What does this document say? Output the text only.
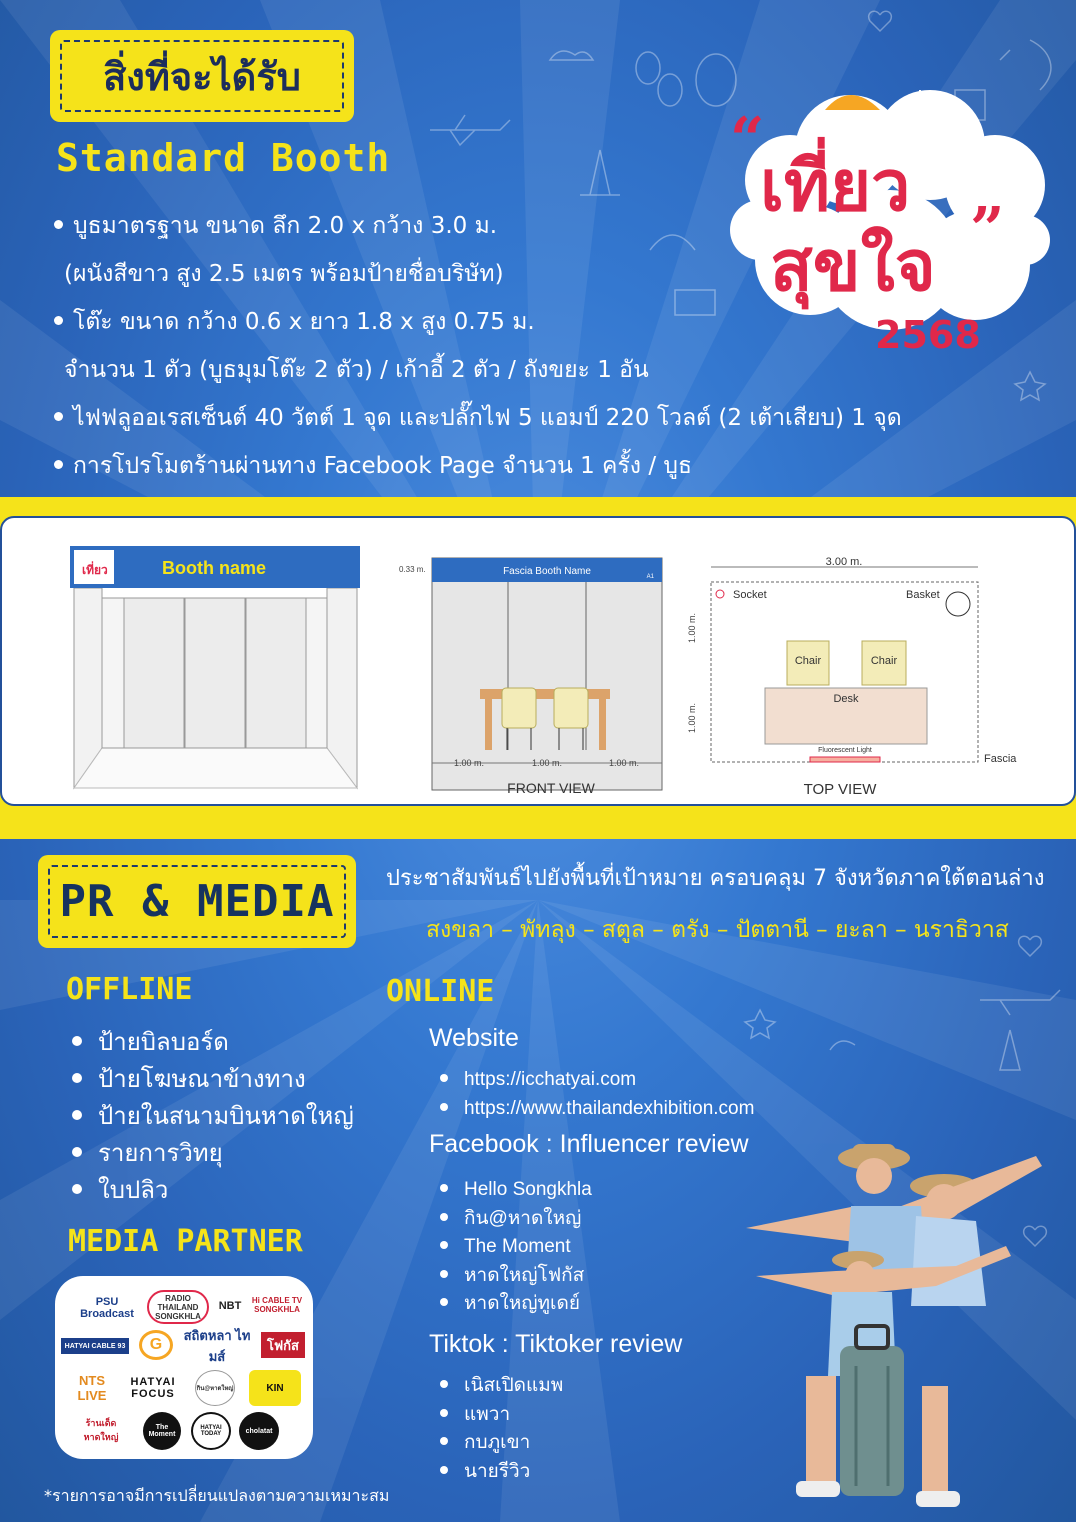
สิ่งที่จะได้รับ
Standard Booth
บูธมาตรฐาน ขนาด ลึก 2.0 x กว้าง 3.0 ม.
(ผนังสีขาว สูง 2.5 เมตร พร้อมป้ายชื่อบริษัท)
โต๊ะ ขนาด กว้าง 0.6 x ยาว 1.8 x สูง 0.75 ม.
จำนวน 1 ตัว (บูธมุมโต๊ะ 2 ตัว) / เก้าอี้ 2 ตัว / ถังขยะ 1 อัน
ไฟฟลูออเรสเซ็นต์ 40 วัตต์ 1 จุด และปลั๊กไฟ 5 แอมป์ 220 โวลต์ (2 เต้าเสียบ) 1 จุด
การโปรโมตร้านผ่านทาง Facebook Page จำนวน 1 ครั้ง / บูธ
เที่ยว
สุขใจ
2568
“
”
เที่ยว	Booth name	0.33 m.	Fascia Booth Name	A1
1.00 m.	1.00 m.	1.00 m.
FRONT VIEW
3.00 m.
Socket	Basket
1.00 m.
1.00 m.
Chair	Chair
Desk
Fluorescent Light
Fascia
TOP VIEW
PR & MEDIA ประชาสัมพันธ์ไปยังพื้นที่เป้าหมาย ครอบคลุม 7 จังหวัดภาคใต้ตอนล่าง
สงขลา – พัทลุง – สตูล – ตรัง – ปัตตานี – ยะลา – นราธิวาส
OFFLINE
ป้ายบิลบอร์ด
ป้ายโฆษณาข้างทาง
ป้ายในสนามบินหาดใหญ่
รายการวิทยุ
ใบปลิว
MEDIA PARTNER
PSU Broadcast
RADIO THAILAND SONGKHLA
NBT	Hi CABLE TV SONGKHLA
HATYAI CABLE 93	G
สถิตหลา ไทมส์
โฟกัส
NTS LIVE
HATYAI FOCUS	กิน@หาดใหญ่	KIN
ร้านเด็ดหาดใหญ่
The Moment
HATYAI TODAY	cholatat
ONLINE
Website
https://icchatyai.com
https://www.thailandexhibition.com
Facebook : Influencer review
Hello Songkhla
กิน@หาดใหญ่
The Moment
หาดใหญ่โฟกัส
หาดใหญ่ทูเดย์
Tiktok : Tiktoker review
เนิสเปิดแมพ
แพวา
กบภูเขา
นายรีวิว
*รายการอาจมีการเปลี่ยนแปลงตามความเหมาะสม
